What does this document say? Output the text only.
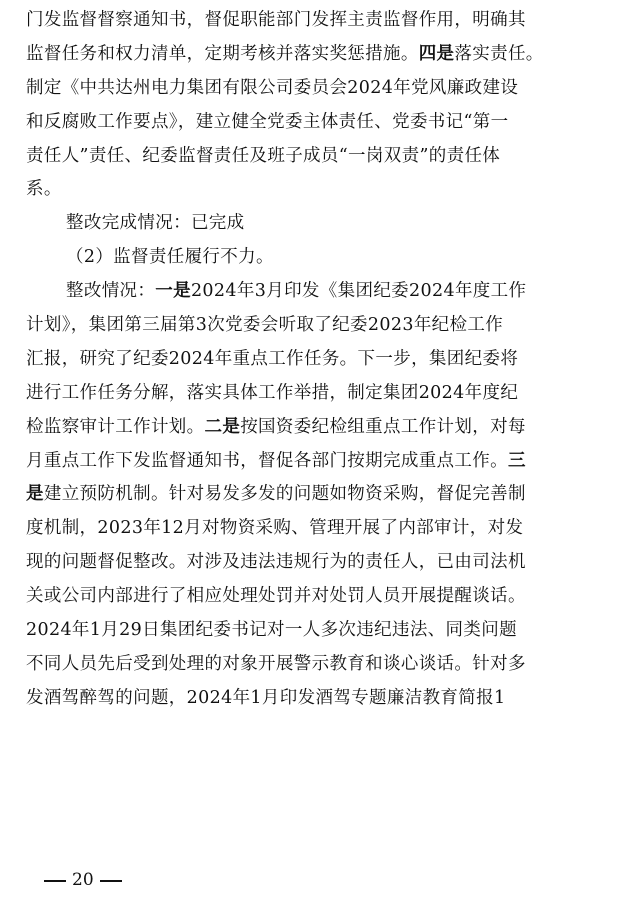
门发监督督察通知书，督促职能部门发挥主责监督作用，明确其
监督任务和权力清单，定期考核并落实奖惩措施。四是落实责任。
制定《中共达州电力集团有限公司委员会2024年党风廉政建设
和反腐败工作要点》，建立健全党委主体责任、党委书记“第一
责任人”责任、纪委监督责任及班子成员“一岗双责”的责任体
系。
整改完成情况：已完成
（2）监督责任履行不力。
整改情况：一是2024年3月印发《集团纪委2024年度工作
计划》，集团第三届第3次党委会听取了纪委2023年纪检工作
汇报，研究了纪委2024年重点工作任务。下一步，集团纪委将
进行工作任务分解，落实具体工作举措，制定集团2024年度纪
检监察审计工作计划。二是按国资委纪检组重点工作计划，对每
月重点工作下发监督通知书，督促各部门按期完成重点工作。三
是建立预防机制。针对易发多发的问题如物资采购，督促完善制
度机制，2023年12月对物资采购、管理开展了内部审计，对发
现的问题督促整改。对涉及违法违规行为的责任人，已由司法机
关或公司内部进行了相应处理处罚并对处罚人员开展提醒谈话。
2024年1月29日集团纪委书记对一人多次违纪违法、同类问题
不同人员先后受到处理的对象开展警示教育和谈心谈话。针对多
发酒驾醉驾的问题，2024年1月印发酒驾专题廉洁教育简报1
20
